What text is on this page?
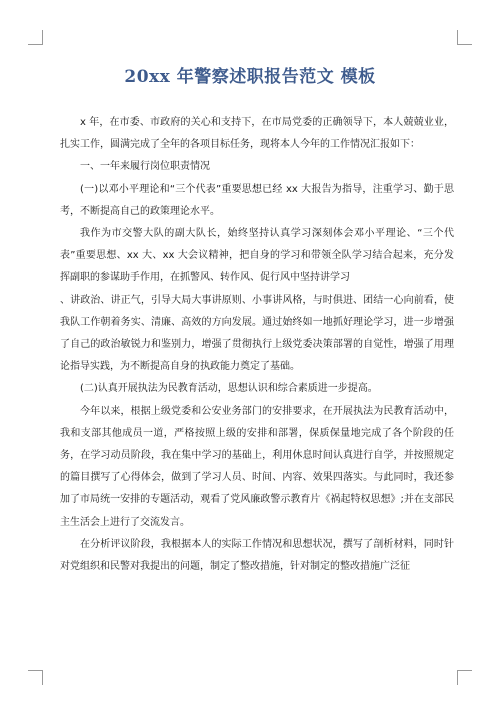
20xx 年警察述职报告范文 模板

x 年，在市委、市政府的关心和支持下，在市局党委的正确领导下，本人兢兢业业，扎实工作，圆满完成了全年的各项目标任务，现将本人今年的工作情况汇报如下：

一、一年来履行岗位职责情况

(一)以邓小平理论和“三个代表”重要思想已经 xx 大报告为指导，注重学习、勤于思考，不断提高自己的政策理论水平。

我作为市交警大队的副大队长，始终坚持认真学习深刻体会邓小平理论、“三个代表”重要思想、xx 大、xx 大会议精神，把自身的学习和带领全队学习结合起来，充分发挥副职的参谋助手作用，在抓警风、转作风、促行风中坚持讲学习

、讲政治、讲正气，引导大局大事讲原则、小事讲风格，与时俱进、团结一心向前看，使我队工作朝着务实、清廉、高效的方向发展。通过始终如一地抓好理论学习，进一步增强了自己的政治敏锐力和鉴别力，增强了贯彻执行上级党委决策部署的自觉性，增强了用理论指导实践，为不断提高自身的执政能力奠定了基础。

(二)认真开展执法为民教育活动，思想认识和综合素质进一步提高。

今年以来，根据上级党委和公安业务部门的安排要求，在开展执法为民教育活动中，我和支部其他成员一道，严格按照上级的安排和部署，保质保量地完成了各个阶段的任务，在学习动员阶段，我在集中学习的基础上，利用休息时间认真进行自学，并按照规定的篇目撰写了心得体会，做到了学习人员、时间、内容、效果四落实。与此同时，我还参加了市局统一安排的专题活动，观看了党风廉政警示教育片《祸起特权思想》;并在支部民主生活会上进行了交流发言。

在分析评议阶段，我根据本人的实际工作情况和思想状况，撰写了剖析材料，同时针对党组织和民警对我提出的问题，制定了整改措施，针对制定的整改措施广泛征
